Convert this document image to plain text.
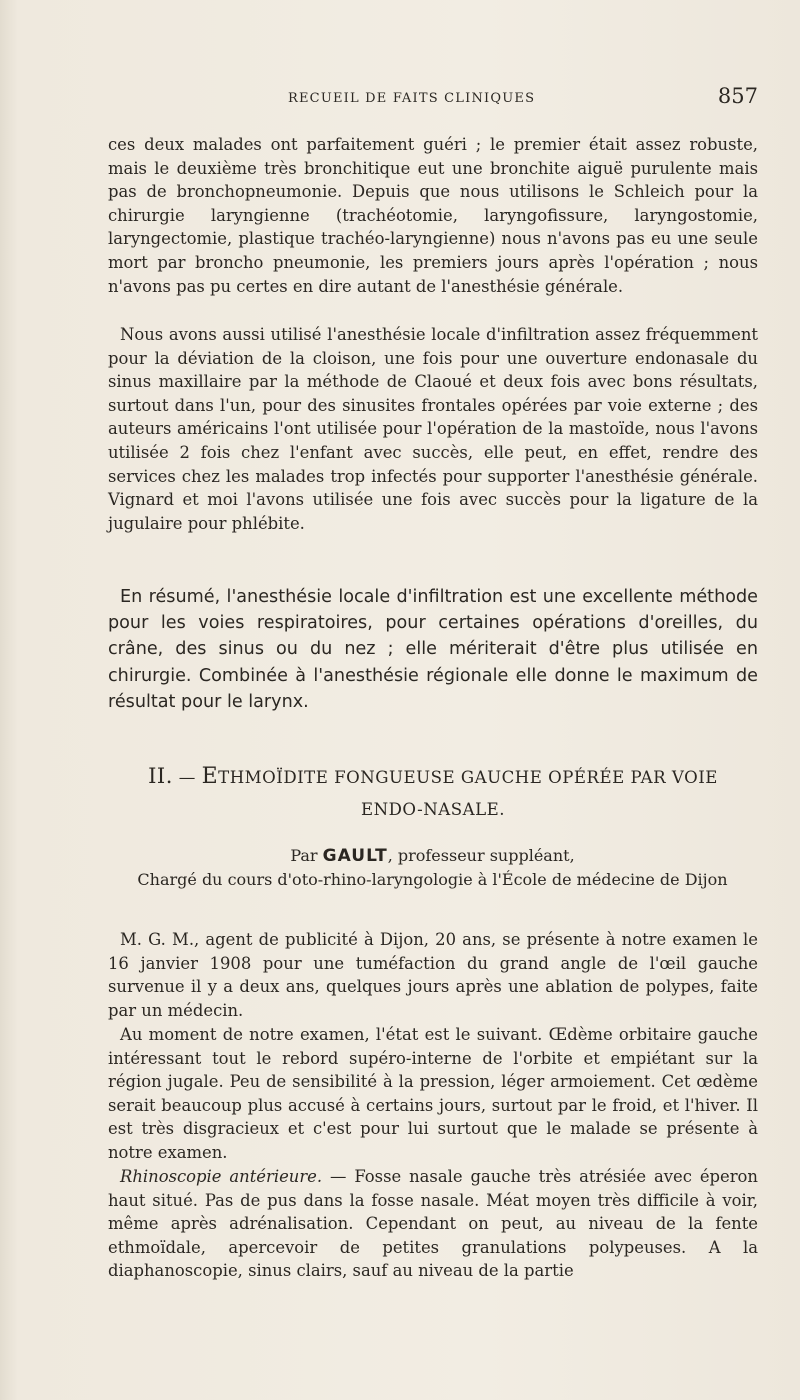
RECUEIL DE FAITS CLINIQUES	857

ces deux malades ont parfaitement guéri ; le premier était assez robuste, mais le deuxième très bronchitique eut une bronchite aiguë purulente mais pas de bronchopneumonie. Depuis que nous utilisons le Schleich pour la chirurgie laryngienne (trachéotomie, laryngofissure, laryngostomie, laryngectomie, plastique trachéo-laryngienne) nous n'avons pas eu une seule mort par broncho pneumonie, les premiers jours après l'opération ; nous n'avons pas pu certes en dire autant de l'anesthésie générale.

Nous avons aussi utilisé l'anesthésie locale d'infiltration assez fréquemment pour la déviation de la cloison, une fois pour une ouverture endonasale du sinus maxillaire par la méthode de Claoué et deux fois avec bons résultats, surtout dans l'un, pour des sinusites frontales opérées par voie externe ; des auteurs américains l'ont utilisée pour l'opération de la mastoïde, nous l'avons utilisée 2 fois chez l'enfant avec succès, elle peut, en effet, rendre des services chez les malades trop infectés pour supporter l'anesthésie générale. Vignard et moi l'avons utilisée une fois avec succès pour la ligature de la jugulaire pour phlébite.

En résumé, l'anesthésie locale d'infiltration est une excellente méthode pour les voies respiratoires, pour certaines opérations d'oreilles, du crâne, des sinus ou du nez ; elle mériterait d'être plus utilisée en chirurgie. Combinée à l'anesthésie régionale elle donne le maximum de résultat pour le larynx.

II. — ETHMOÏDITE FONGUEUSE GAUCHE OPÉRÉE PAR VOIE
ENDO-NASALE.
Par GAULT, professeur suppléant,
Chargé du cours d'oto-rhino-laryngologie à l'École de médecine de Dijon

M. G. M., agent de publicité à Dijon, 20 ans, se présente à notre examen le 16 janvier 1908 pour une tuméfaction du grand angle de l'œil gauche survenue il y a deux ans, quelques jours après une ablation de polypes, faite par un médecin.

Au moment de notre examen, l'état est le suivant. Œdème orbitaire gauche intéressant tout le rebord supéro-interne de l'orbite et empiétant sur la région jugale. Peu de sensibilité à la pression, léger armoiement. Cet œdème serait beaucoup plus accusé à certains jours, surtout par le froid, et l'hiver. Il est très disgracieux et c'est pour lui surtout que le malade se présente à notre examen.

Rhinoscopie antérieure. — Fosse nasale gauche très atrésiée avec éperon haut situé. Pas de pus dans la fosse nasale. Méat moyen très difficile à voir, même après adrénalisation. Cependant on peut, au niveau de la fente ethmoïdale, apercevoir de petites granulations polypeuses. A la diaphanoscopie, sinus clairs, sauf au niveau de la partie
